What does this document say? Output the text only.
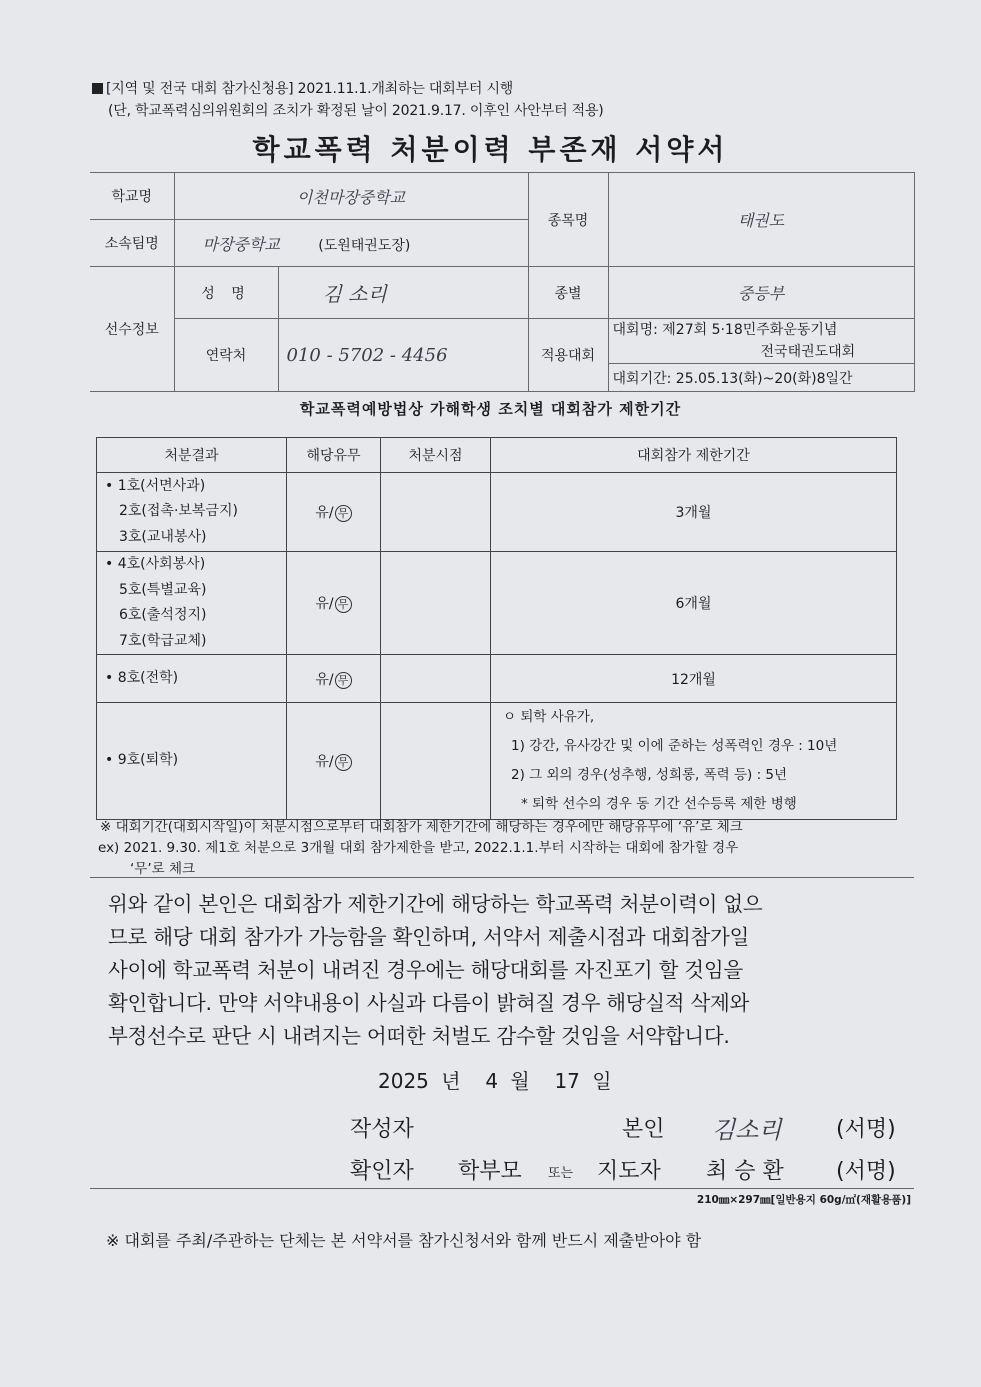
[지역 및 전국 대회 참가신청용] 2021.11.1.개최하는 대회부터 시행
(단, 학교폭력심의위원회의 조치가 확정된 날이 2021.9.17. 이후인 사안부터 적용)
학교폭력 처분이력 부존재 서약서
학교명	이천마장중학교		종목명	태권도
소속팀명	마장중학교 (도원태권도장)			
선수정보	성 명	김 소리	종별	중등부
	연락처	010 - 5702 - 4456	적용대회	대회명: 제27회 5·18민주화운동기념
전국태권도대회

				대회기간: 25.05.13(화)~20(화)8일간
학교폭력예방법상 가해학생 조치별 대회참가 제한기간
처분결과	해당유무	처분시점	대회참가 제한기간

• 1호(서면사과)
2호(접촉·보복금지)
3호(교내봉사)	유/ 무		3개월

• 4호(사회봉사)
5호(특별교육)
6호(출석정지)
7호(학급교체)	유/ 무		6개월

• 8호(전학)	유/ 무		12개월

• 9호(퇴학)	유/ 무		ㅇ 퇴학 사유가,
1) 강간, 유사강간 및 이에 준하는 성폭력인 경우 : 10년
2) 그 외의 경우(성추행, 성희롱, 폭력 등) : 5년
* 퇴학 선수의 경우 동 기간 선수등록 제한 병행
※ 대회기간(대회시작일)이 처분시점으로부터 대회참가 제한기간에 해당하는 경우에만 해당유무에 ‘유’로 체크
ex) 2021. 9.30. 제1호 처분으로 3개월 대회 참가제한을 받고, 2022.1.1.부터 시작하는 대회에 참가할 경우
‘무’로 체크
위와 같이 본인은 대회참가 제한기간에 해당하는 학교폭력 처분이력이 없으
므로 해당 대회 참가가 가능함을 확인하며, 서약서 제출시점과 대회참가일
사이에 학교폭력 처분이 내려진 경우에는 해당대회를 자진포기 할 것임을
확인합니다. 만약 서약내용이 사실과 다름이 밝혀질 경우 해당실적 삭제와
부정선수로 판단 시 내려지는 어떠한 처벌도 감수할 것임을 서약합니다.
2025 년 4 월 17 일
작성자	본인 김소리 (서명)
확인자 학부모 또는 지도자 최 승 환 (서명)
210㎜×297㎜[일반용지 60g/㎡(재활용품)]
※ 대회를 주최/주관하는 단체는 본 서약서를 참가신청서와 함께 반드시 제출받아야 함
